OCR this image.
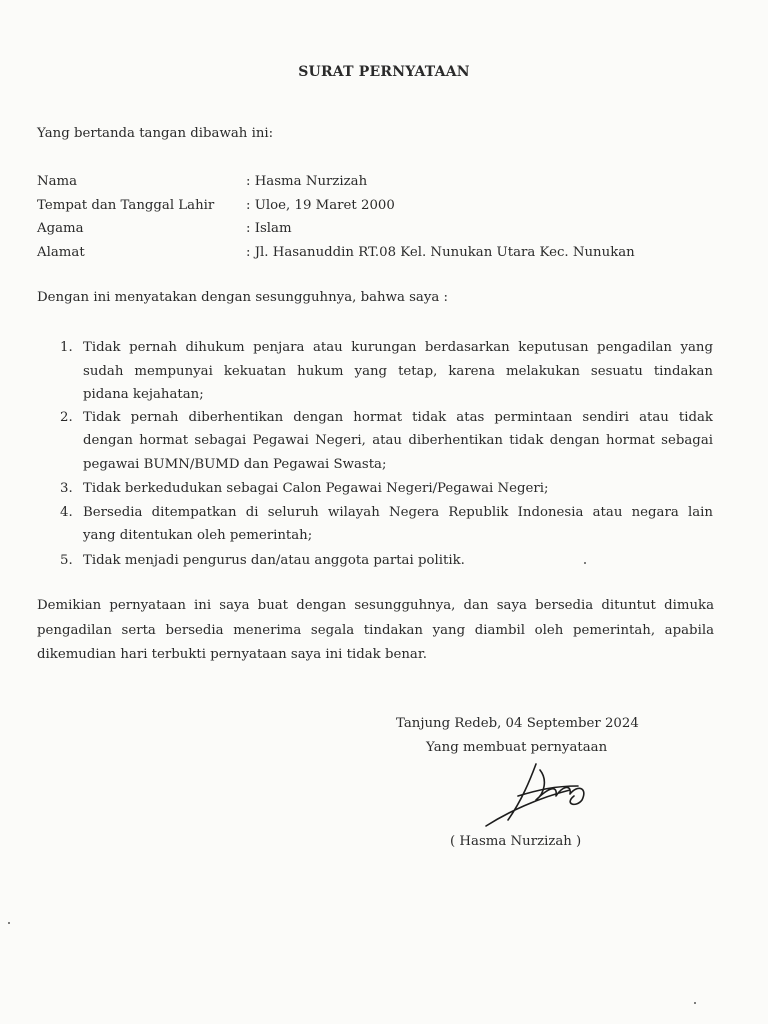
SURAT PERNYATAAN
Yang bertanda tangan dibawah ini:
Nama	: Hasma Nurzizah
Tempat dan Tanggal Lahir : Uloe, 19 Maret 2000
Agama	: Islam
Alamat	: Jl. Hasanuddin RT.08 Kel. Nunukan Utara Kec. Nunukan
Dengan ini menyatakan dengan sesungguhnya, bahwa saya :
1. Tidak pernah dihukum penjara atau kurungan berdasarkan keputusan pengadilan yang
sudah mempunyai kekuatan hukum yang tetap, karena melakukan sesuatu tindakan
pidana kejahatan;
2. Tidak pernah diberhentikan dengan hormat tidak atas permintaan sendiri atau tidak
dengan hormat sebagai Pegawai Negeri, atau diberhentikan tidak dengan hormat sebagai
pegawai BUMN/BUMD dan Pegawai Swasta;
3. Tidak berkedudukan sebagai Calon Pegawai Negeri/Pegawai Negeri;
4. Bersedia ditempatkan di seluruh wilayah Negera Republik Indonesia atau negara lain
yang ditentukan oleh pemerintah;
5. Tidak menjadi pengurus dan/atau anggota partai politik.
Demikian pernyataan ini saya buat dengan sesungguhnya, dan saya bersedia dituntut dimuka
pengadilan serta bersedia menerima segala tindakan yang diambil oleh pemerintah, apabila
dikemudian hari terbukti pernyataan saya ini tidak benar.
Tanjung Redeb, 04 September 2024
Yang membuat pernyataan
( Hasma Nurzizah )
